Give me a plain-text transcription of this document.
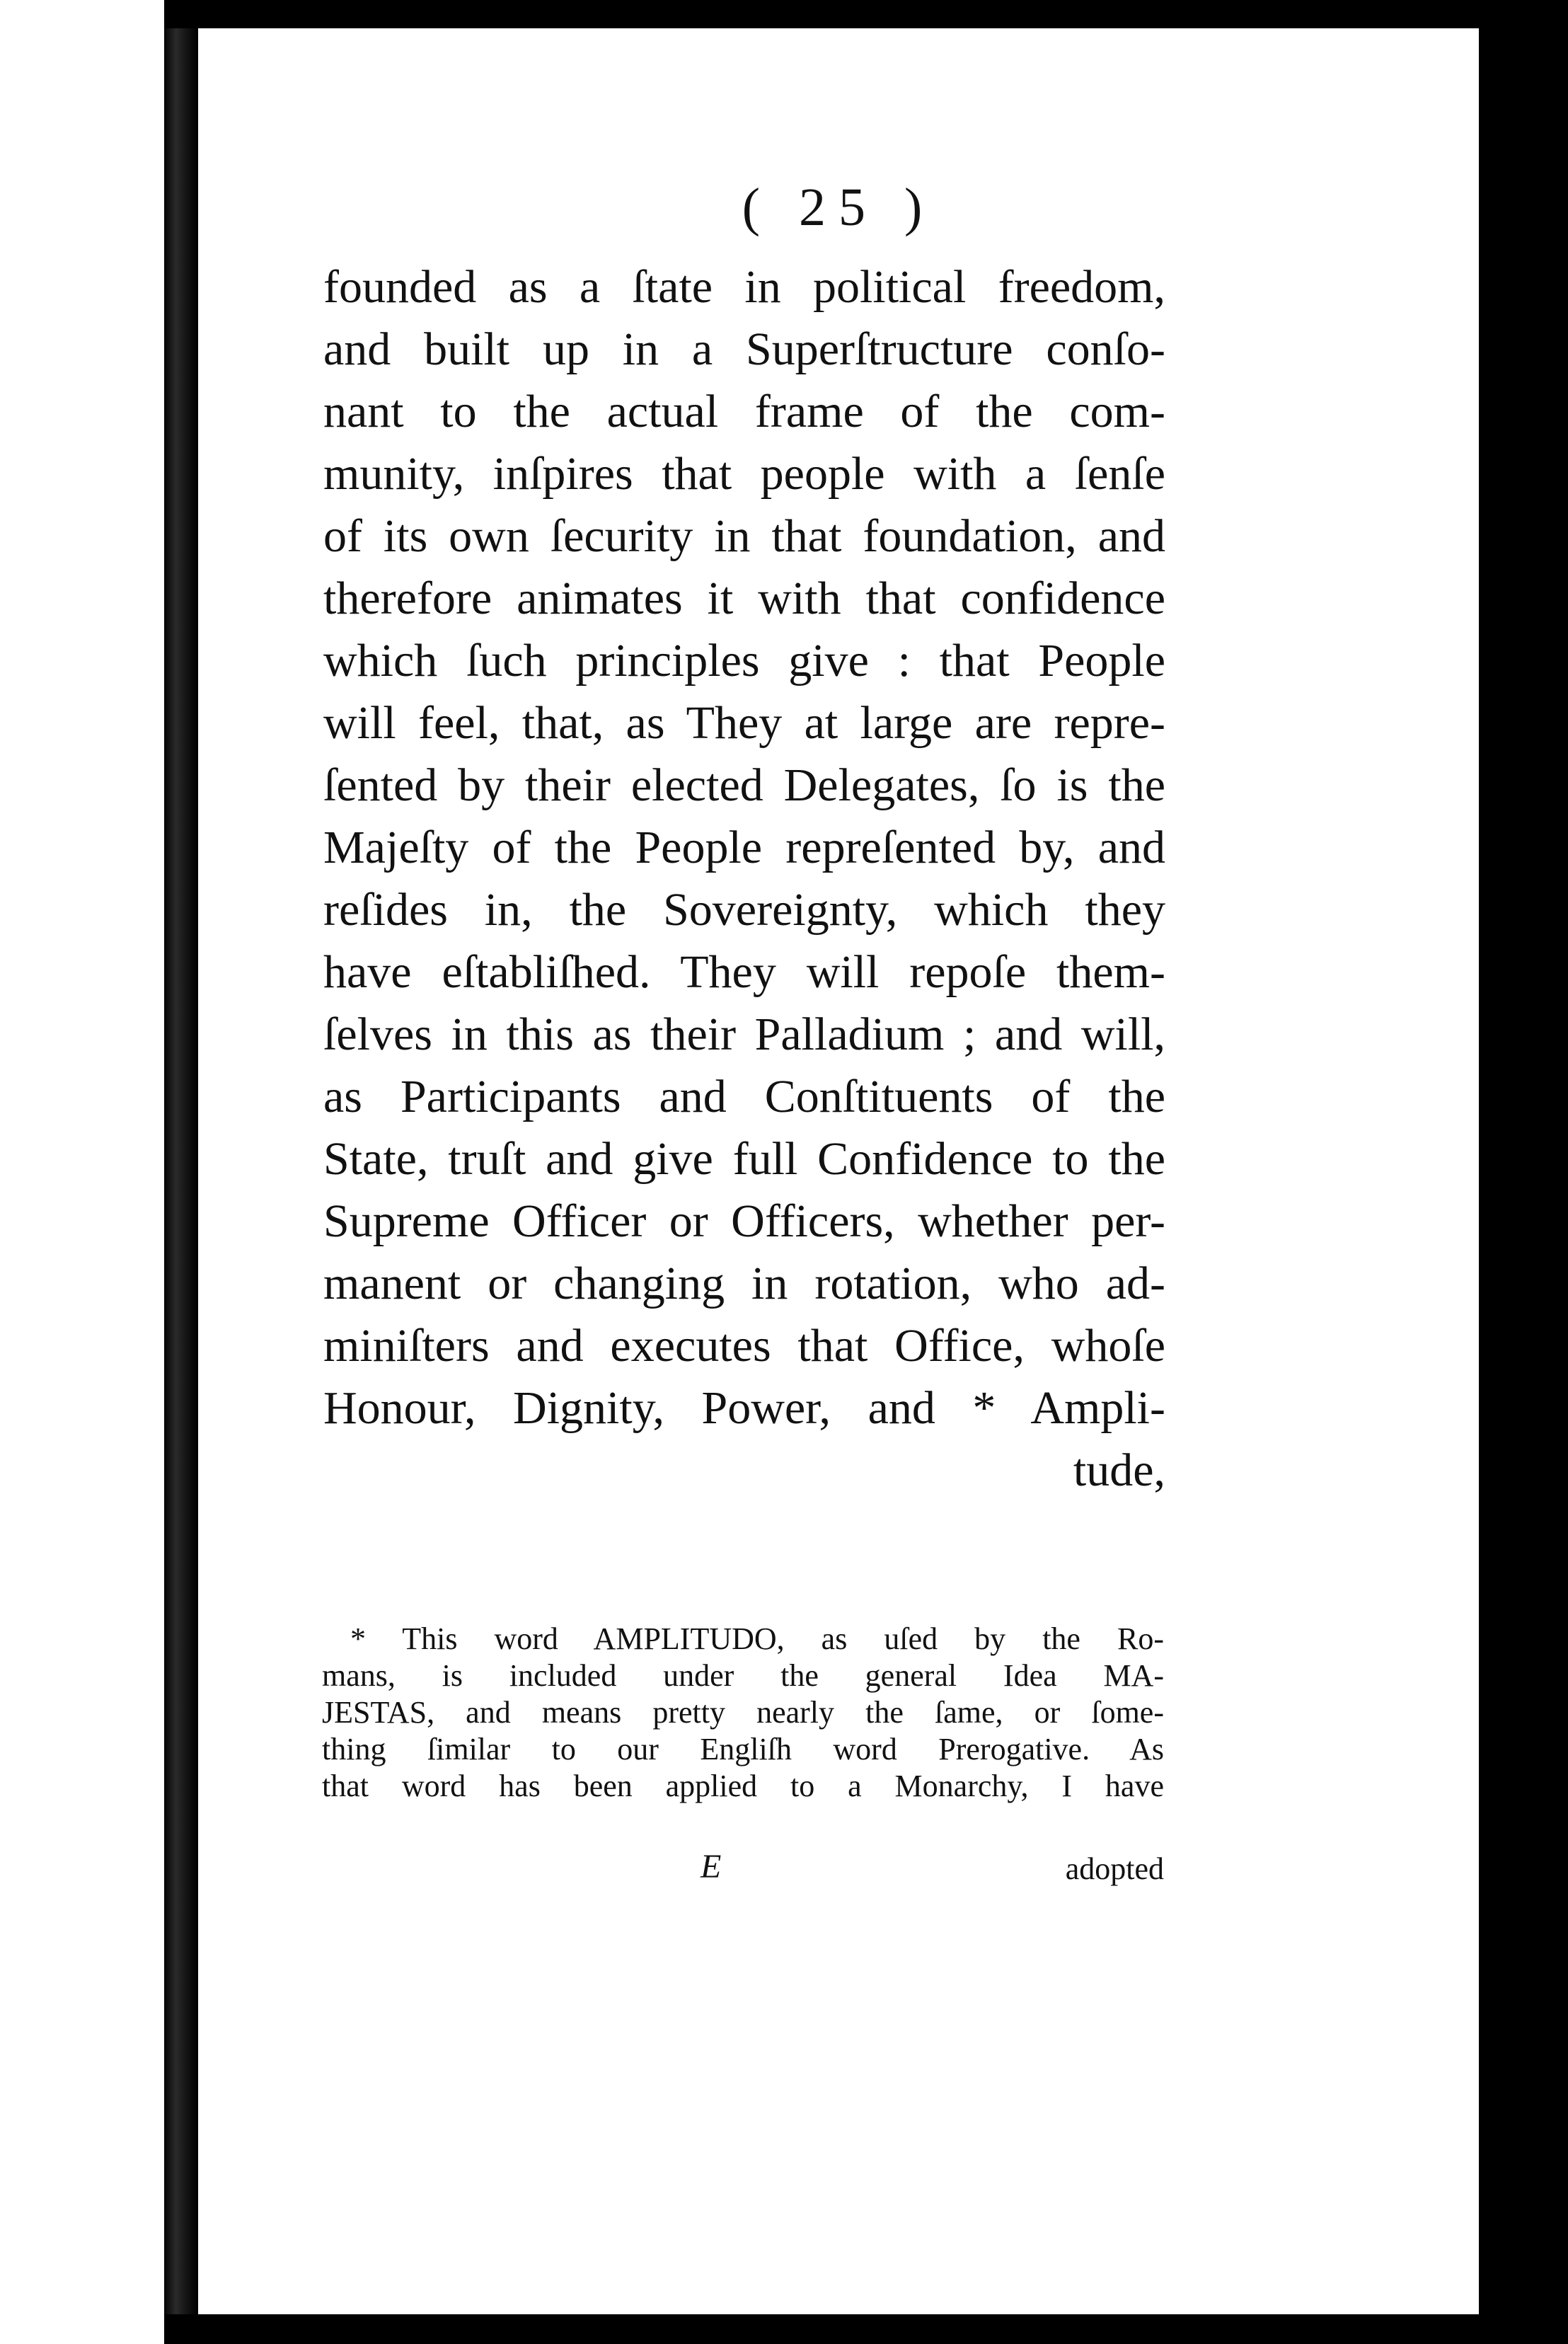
( 25 )
founded as a ſtate in political freedom,
and built up in a Superſtructure conſo-
nant to the actual frame of the com-
munity, inſpires that people with a ſenſe
of its own ſecurity in that foundation, and
therefore animates it with that confidence
which ſuch principles give : that People
will feel, that, as They at large are repre-
ſented by their elected Delegates, ſo is the
Majeſty of the People repreſented by, and
reſides in, the Sovereignty, which they
have eſtabliſhed. They will repoſe them-
ſelves in this as their Palladium ; and will,
as Participants and Conſtituents of the
State, truſt and give full Confidence to the
Supreme Officer or Officers, whether per-
manent or changing in rotation, who ad-
miniſters and executes that Office, whoſe
Honour, Dignity, Power, and * Ampli-
tude,
* This word AMPLITUDO, as uſed by the Ro-
mans, is included under the general Idea MA-
JESTAS, and means pretty nearly the ſame, or ſome-
thing ſimilar to our Engliſh word Prerogative. As
that word has been applied to a Monarchy, I have
E	adopted
